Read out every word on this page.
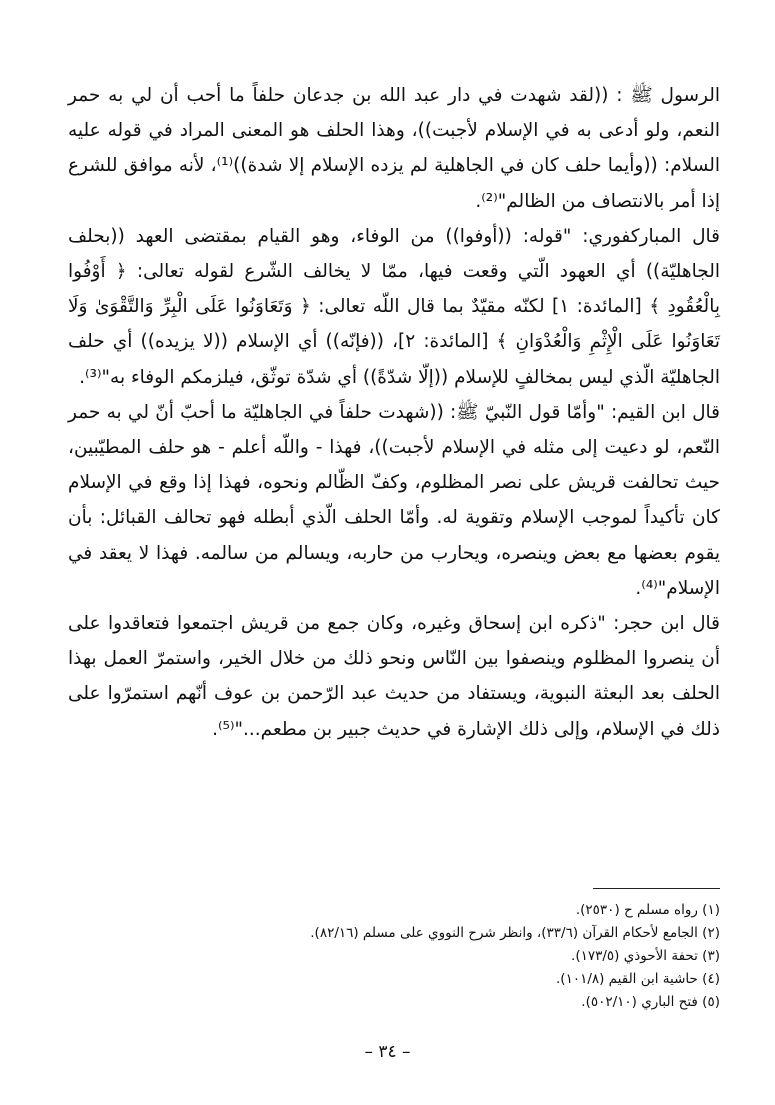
الرسول ﷺ : ((لقد شهدت في دار عبد الله بن جدعان حلفاً ما أحب أن لي به حمر النعم، ولو أدعى به في الإسلام لأجبت))، وهذا الحلف هو المعنى المراد في قوله عليه السلام: ((وأيما حلف كان في الجاهلية لم يزده الإسلام إلا شدة))⁽¹⁾، لأنه موافق للشرع إذا أمر بالانتصاف من الظالم"⁽²⁾.

قال المباركفوري: "قوله: ((أوفوا)) من الوفاء، وهو القيام بمقتضى العهد ((بحلف الجاهليّة)) أي العهود الّتي وقعت فيها، ممّا لا يخالف الشّرع لقوله تعالى: ﴿ أَوْفُوا بِالْعُقُودِ ﴾ [المائدة: ١] لكنّه مقيّدٌ بما قال اللّه تعالى: ﴿ وَتَعَاوَنُوا عَلَى الْبِرِّ وَالتَّقْوَىٰ وَلَا تَعَاوَنُوا عَلَى الْإِثْمِ وَالْعُدْوَانِ ﴾ [المائدة: ٢]، ((فإنّه)) أي الإسلام ((لا يزيده)) أي حلف الجاهليّة الّذي ليس بمخالفٍ للإسلام ((إلّا شدّةً)) أي شدّة توثّق، فيلزمكم الوفاء به"⁽³⁾.

قال ابن القيم: "وأمّا قول النّبيّ ﷺ: ((شهدت حلفاً في الجاهليّة ما أحبّ أنّ لي به حمر النّعم، لو دعيت إلى مثله في الإسلام لأجبت))، فهذا - واللّه أعلم - هو حلف المطيّبين، حيث تحالفت قريش على نصر المظلوم، وكفّ الظّالم ونحوه، فهذا إذا وقع في الإسلام كان تأكيداً لموجب الإسلام وتقوية له. وأمّا الحلف الّذي أبطله فهو تحالف القبائل: بأن يقوم بعضها مع بعض وينصره، ويحارب من حاربه، ويسالم من سالمه. فهذا لا يعقد في الإسلام"⁽⁴⁾.

قال ابن حجر: "ذكره ابن إسحاق وغيره، وكان جمع من قريش اجتمعوا فتعاقدوا على أن ينصروا المظلوم وينصفوا بين النّاس ونحو ذلك من خلال الخير، واستمرّ العمل بهذا الحلف بعد البعثة النبوية، ويستفاد من حديث عبد الرّحمن بن عوف أنّهم استمرّوا على ذلك في الإسلام، وإلى ذلك الإشارة في حديث جبير بن مطعم..."⁽⁵⁾.

(١) رواه مسلم ح (٢٥٣٠).
(٢) الجامع لأحكام القرآن (٣٣/٦)، وانظر شرح النووي على مسلم (٨٢/١٦).
(٣) تحفة الأحوذي (١٧٣/٥).
(٤) حاشية ابن القيم (١٠١/٨).
(٥) فتح الباري (٥٠٢/١٠).
– ٣٤ –
